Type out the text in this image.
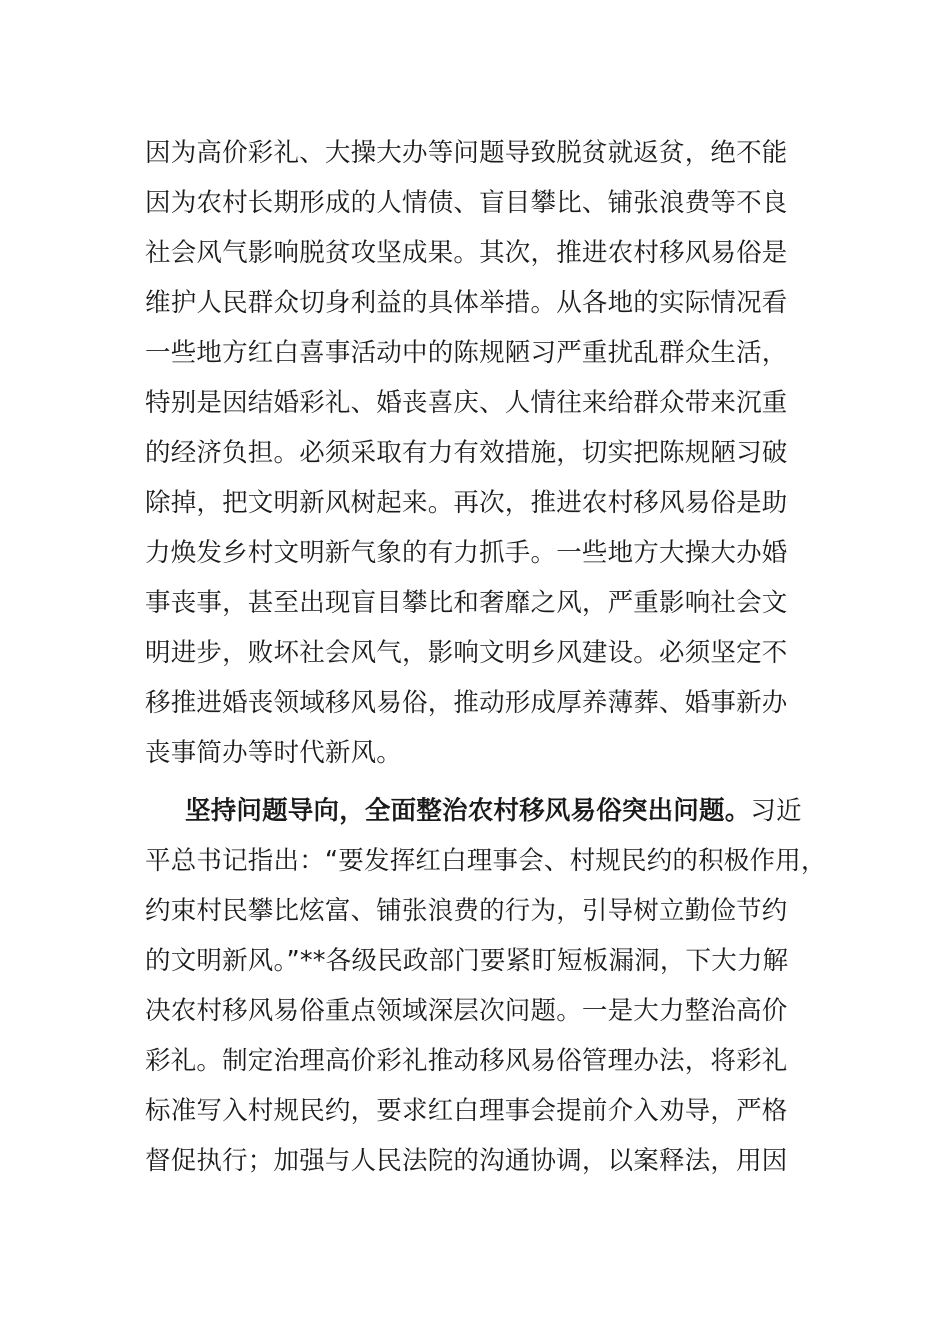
因为高价彩礼、大操大办等问题导致脱贫就返贫，绝不能
因为农村长期形成的人情债、盲目攀比、铺张浪费等不良
社会风气影响脱贫攻坚成果。其次，推进农村移风易俗是
维护人民群众切身利益的具体举措。从各地的实际情况看
一些地方红白喜事活动中的陈规陋习严重扰乱群众生活，
特别是因结婚彩礼、婚丧喜庆、人情往来给群众带来沉重
的经济负担。必须采取有力有效措施，切实把陈规陋习破
除掉，把文明新风树起来。再次，推进农村移风易俗是助
力焕发乡村文明新气象的有力抓手。一些地方大操大办婚
事丧事，甚至出现盲目攀比和奢靡之风，严重影响社会文
明进步，败坏社会风气，影响文明乡风建设。必须坚定不
移推进婚丧领域移风易俗，推动形成厚养薄葬、婚事新办
丧事简办等时代新风。
坚持问题导向，全面整治农村移风易俗突出问题。习近
平总书记指出：“要发挥红白理事会、村规民约的积极作用，
约束村民攀比炫富、铺张浪费的行为，引导树立勤俭节约
的文明新风。”**各级民政部门要紧盯短板漏洞，下大力解
决农村移风易俗重点领域深层次问题。一是大力整治高价
彩礼。制定治理高价彩礼推动移风易俗管理办法，将彩礼
标准写入村规民约，要求红白理事会提前介入劝导，严格
督促执行；加强与人民法院的沟通协调，以案释法，用因
